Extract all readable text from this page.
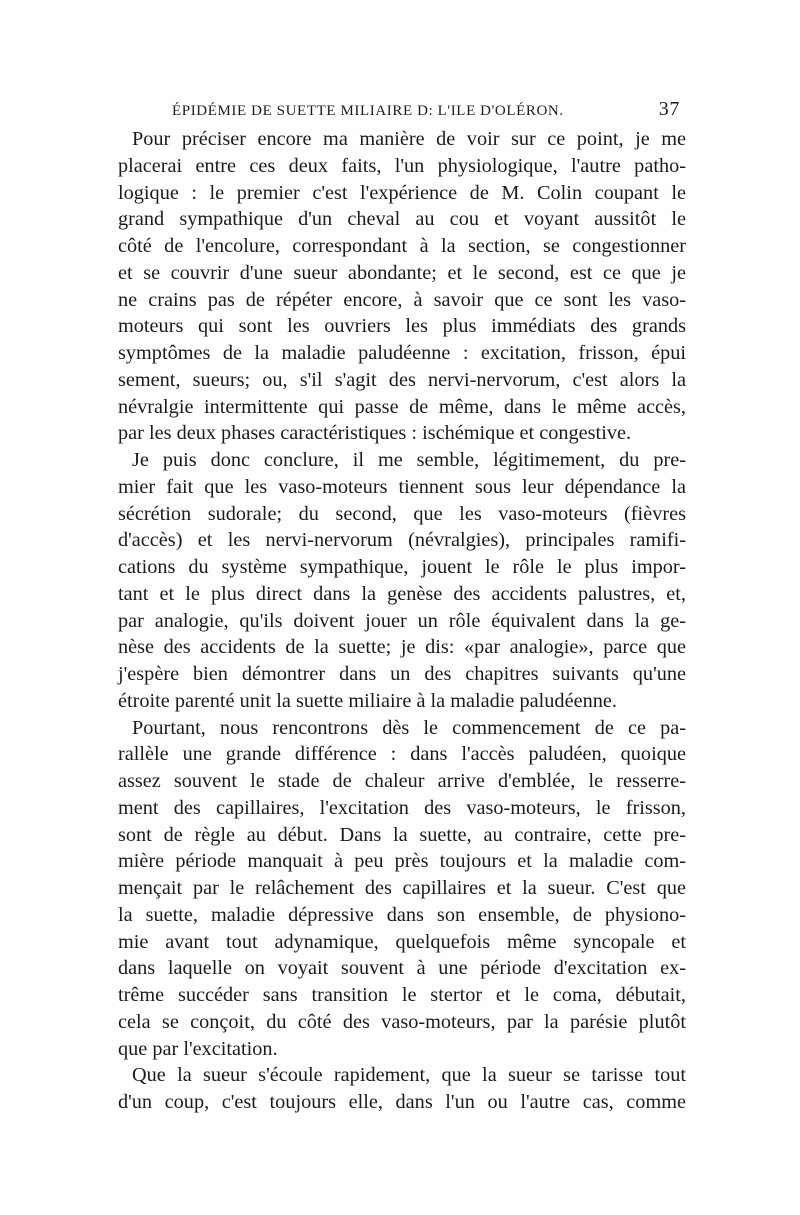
ÉPIDÉMIE DE SUETTE MILIAIRE D: L'ILE D'OLÉRON.	37

Pour préciser encore ma manière de voir sur ce point, je me
placerai entre ces deux faits, l'un physiologique, l'autre patho-
logique : le premier c'est l'expérience de M. Colin coupant le
grand sympathique d'un cheval au cou et voyant aussitôt le
côté de l'encolure, correspondant à la section, se congestionner
et se couvrir d'une sueur abondante; et le second, est ce que je
ne crains pas de répéter encore, à savoir que ce sont les vaso-
moteurs qui sont les ouvriers les plus immédiats des grands
symptômes de la maladie paludéenne : excitation, frisson, épui
sement, sueurs; ou, s'il s'agit des nervi-nervorum, c'est alors la
névralgie intermittente qui passe de même, dans le même accès,
par les deux phases caractéristiques : ischémique et congestive.

Je puis donc conclure, il me semble, légitimement, du pre-
mier fait que les vaso-moteurs tiennent sous leur dépendance la
sécrétion sudorale; du second, que les vaso-moteurs (fièvres
d'accès) et les nervi-nervorum (névralgies), principales ramifi-
cations du système sympathique, jouent le rôle le plus impor-
tant et le plus direct dans la genèse des accidents palustres, et,
par analogie, qu'ils doivent jouer un rôle équivalent dans la ge-
nèse des accidents de la suette; je dis: «par analogie», parce que
j'espère bien démontrer dans un des chapitres suivants qu'une
étroite parenté unit la suette miliaire à la maladie paludéenne.

Pourtant, nous rencontrons dès le commencement de ce pa-
rallèle une grande différence : dans l'accès paludéen, quoique
assez souvent le stade de chaleur arrive d'emblée, le resserre-
ment des capillaires, l'excitation des vaso-moteurs, le frisson,
sont de règle au début. Dans la suette, au contraire, cette pre-
mière période manquait à peu près toujours et la maladie com-
mençait par le relâchement des capillaires et la sueur. C'est que
la suette, maladie dépressive dans son ensemble, de physiono-
mie avant tout adynamique, quelquefois même syncopale et
dans laquelle on voyait souvent à une période d'excitation ex-
trême succéder sans transition le stertor et le coma, débutait,
cela se conçoit, du côté des vaso-moteurs, par la parésie plutôt
que par l'excitation.

Que la sueur s'écoule rapidement, que la sueur se tarisse tout
d'un coup, c'est toujours elle, dans l'un ou l'autre cas, comme
